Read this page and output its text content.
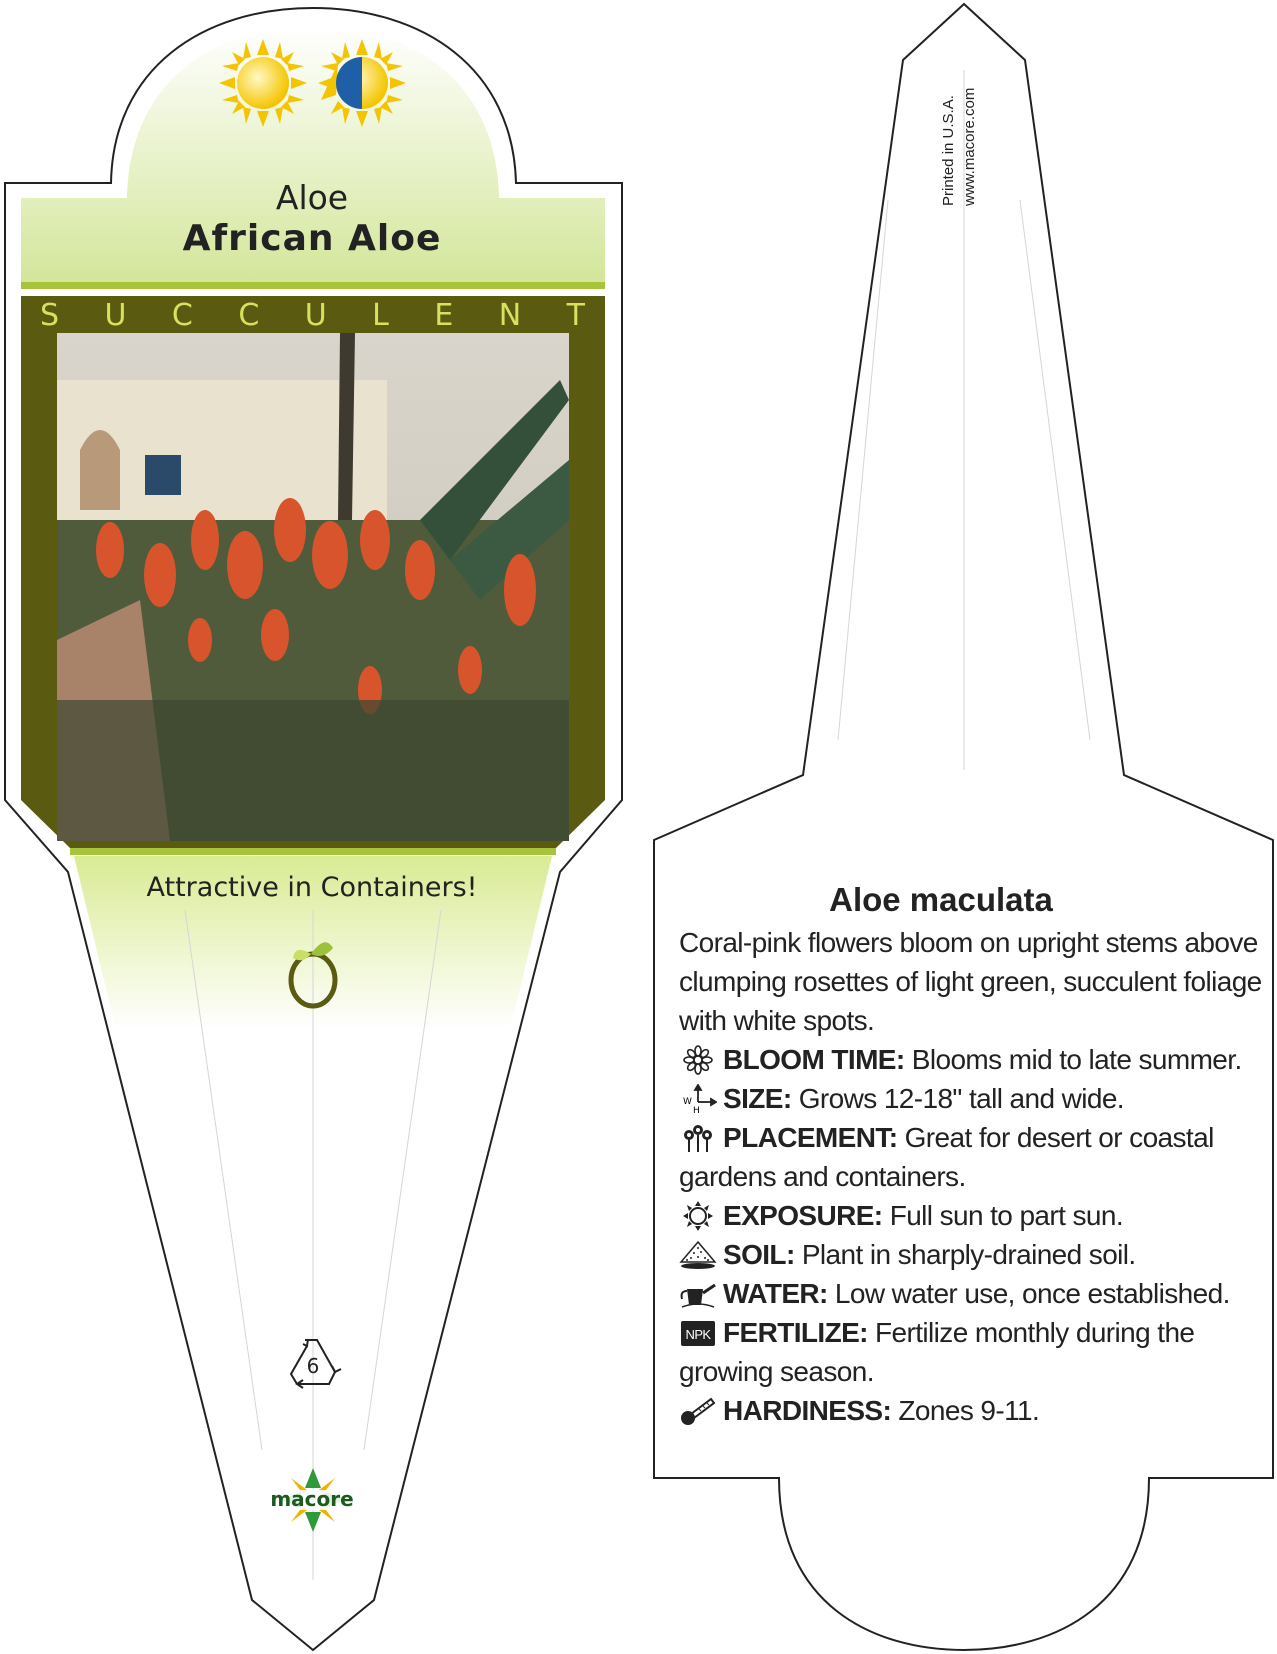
Aloe
African Aloe
S U C C U L E N T
Attractive in Containers!
6
macore
Printed in U.S.A. www.macore.com
Aloe maculata

Coral-pink flowers bloom on upright stems above clumping rosettes of light green, succulent foliage with white spots.

BLOOM TIME: Blooms mid to late summer.

W
H SIZE: Grows 12-18" tall and wide.

PLACEMENT: Great for desert or coastal gardens and containers.

EXPOSURE: Full sun to part sun.

SOIL: Plant in sharply-drained soil.

WATER: Low water use, once established.

NPK FERTILIZE: Fertilize monthly during the growing season.

HARDINESS: Zones 9-11.
